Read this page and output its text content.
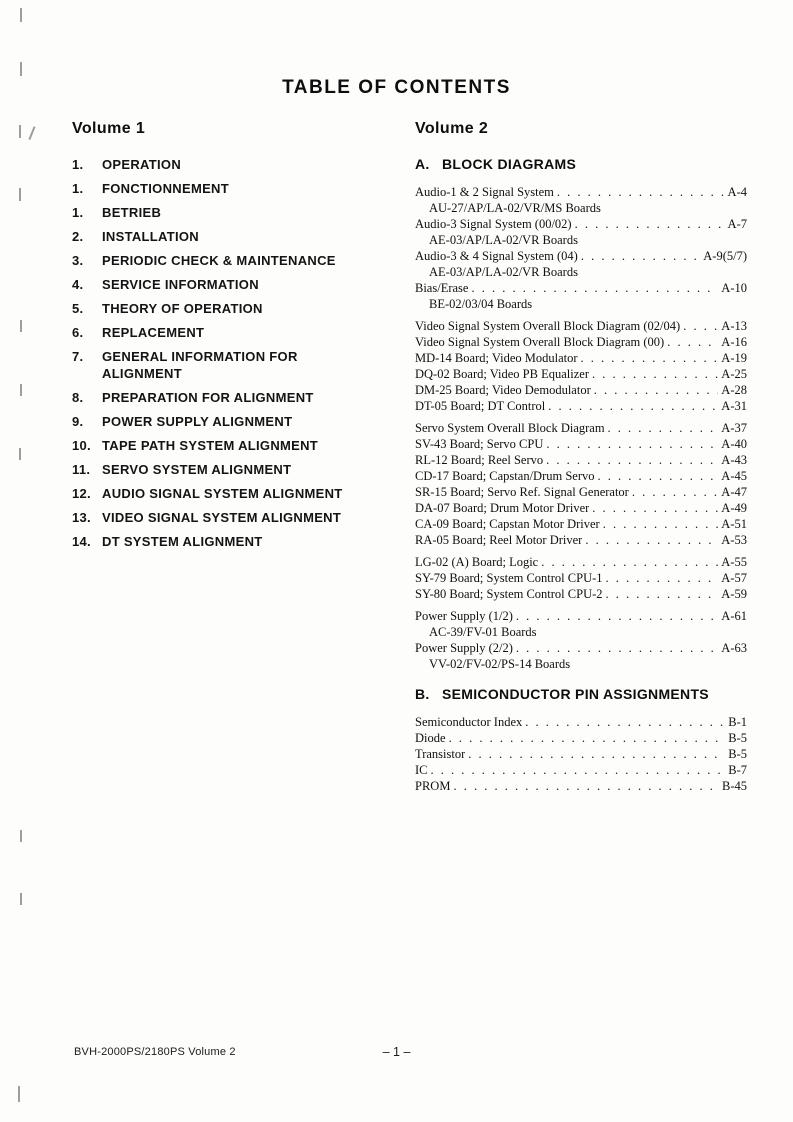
TABLE OF CONTENTS
Volume 1
1.	OPERATION
1.	FONCTIONNEMENT
1.	BETRIEB
2.	INSTALLATION
3.	PERIODIC CHECK & MAINTENANCE
4.	SERVICE INFORMATION
5.	THEORY OF OPERATION
6.	REPLACEMENT
7.	GENERAL INFORMATION FOR ALIGNMENT
8.	PREPARATION FOR ALIGNMENT
9.	POWER SUPPLY ALIGNMENT
10. TAPE PATH SYSTEM ALIGNMENT
11. SERVO SYSTEM ALIGNMENT
12. AUDIO SIGNAL SYSTEM ALIGNMENT
13. VIDEO SIGNAL SYSTEM ALIGNMENT
14. DT SYSTEM ALIGNMENT
Volume 2
A. BLOCK DIAGRAMS
Audio-1 & 2 Signal System . . .	A-4
AU-27/AP/LA-02/VR/MS Boards
Audio-3 Signal System (00/02) . . .	A-7
AE-03/AP/LA-02/VR Boards
Audio-3 & 4 Signal System (04) . . .	A-9(5/7)
AE-03/AP/LA-02/VR Boards
Bias/Erase . . .	A-10
BE-02/03/04 Boards
Video Signal System Overall Block Diagram (02/04) . . .	A-13
Video Signal System Overall Block Diagram (00) . . .	A-16
MD-14 Board; Video Modulator . . .	A-19
DQ-02 Board; Video PB Equalizer . . .	A-25
DM-25 Board; Video Demodulator . . .	A-28
DT-05 Board; DT Control . . .	A-31
Servo System Overall Block Diagram . . .	A-37
SV-43 Board; Servo CPU . . .	A-40
RL-12 Board; Reel Servo . . .	A-43
CD-17 Board; Capstan/Drum Servo . . .	A-45
SR-15 Board; Servo Ref. Signal Generator . . .	A-47
DA-07 Board; Drum Motor Driver . . .	A-49
CA-09 Board; Capstan Motor Driver . . .	A-51
RA-05 Board; Reel Motor Driver . . .	A-53
LG-02 (A) Board; Logic . . .	A-55
SY-79 Board; System Control CPU-1 . . .	A-57
SY-80 Board; System Control CPU-2 . . .	A-59
Power Supply (1/2) . . .	A-61
AC-39/FV-01 Boards
Power Supply (2/2) . . .	A-63
VV-02/FV-02/PS-14 Boards
B. SEMICONDUCTOR PIN ASSIGNMENTS
Semiconductor Index . . .	B-1
Diode . . .	B-5
Transistor . . .	B-5
IC . . .	B-7
PROM . . .	B-45
BVH-2000PS/2180PS Volume 2	– 1 –
